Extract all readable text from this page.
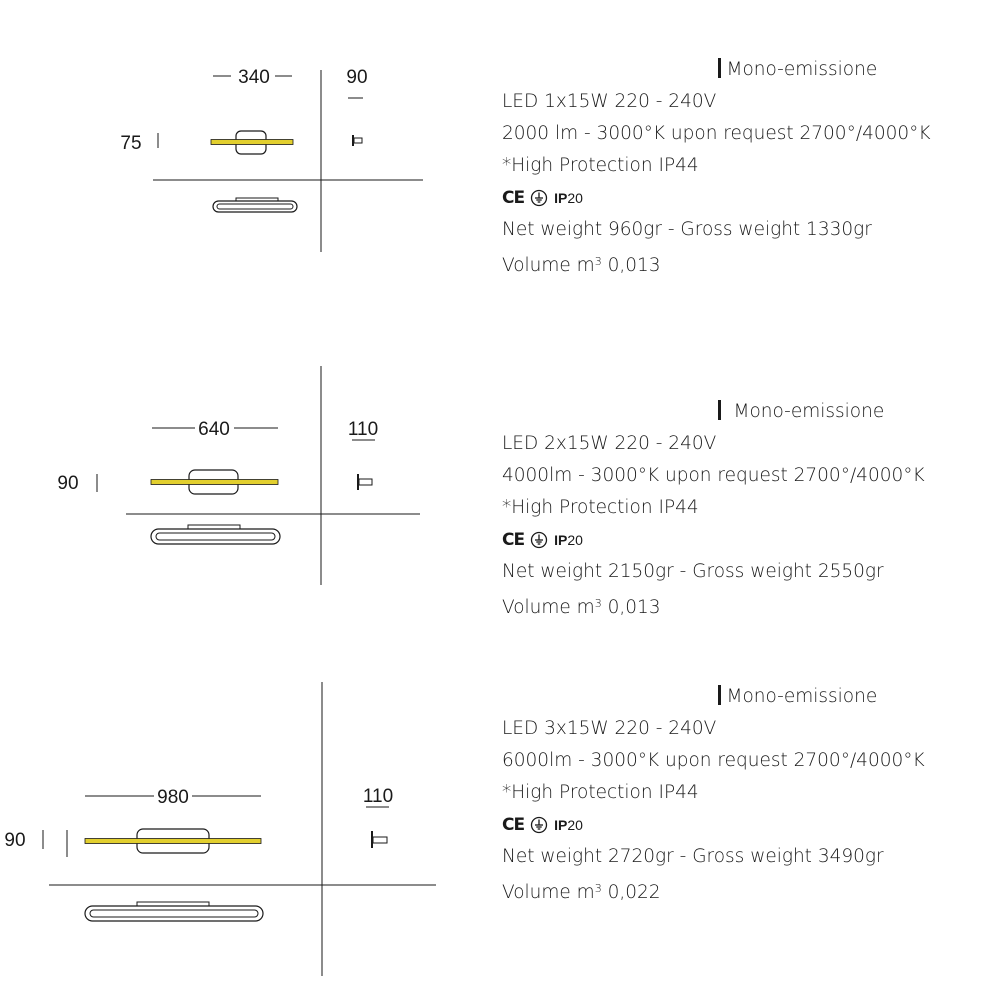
340	90
75
Mono-emissione
LED 1x15W 220 - 240V
2000 lm - 3000°K upon request 2700°/4000°K
*High Protection IP44
CE IP20
Net weight 960gr - Gross weight 1330gr
Volume $m^3$ 0,013
640	110
90
Mono-emissione
LED 2x15W 220 - 240V
4000lm - 3000°K upon request 2700°/4000°K
*High Protection IP44
CE IP20
Net weight 2150gr - Gross weight 2550gr
Volume $m^3$ 0,013
980	110
90
Mono-emissione
LED 3x15W 220 - 240V
6000lm - 3000°K upon request 2700°/4000°K
*High Protection IP44
CE IP20
Net weight 2720gr - Gross weight 3490gr
Volume $m^3$ 0,022
